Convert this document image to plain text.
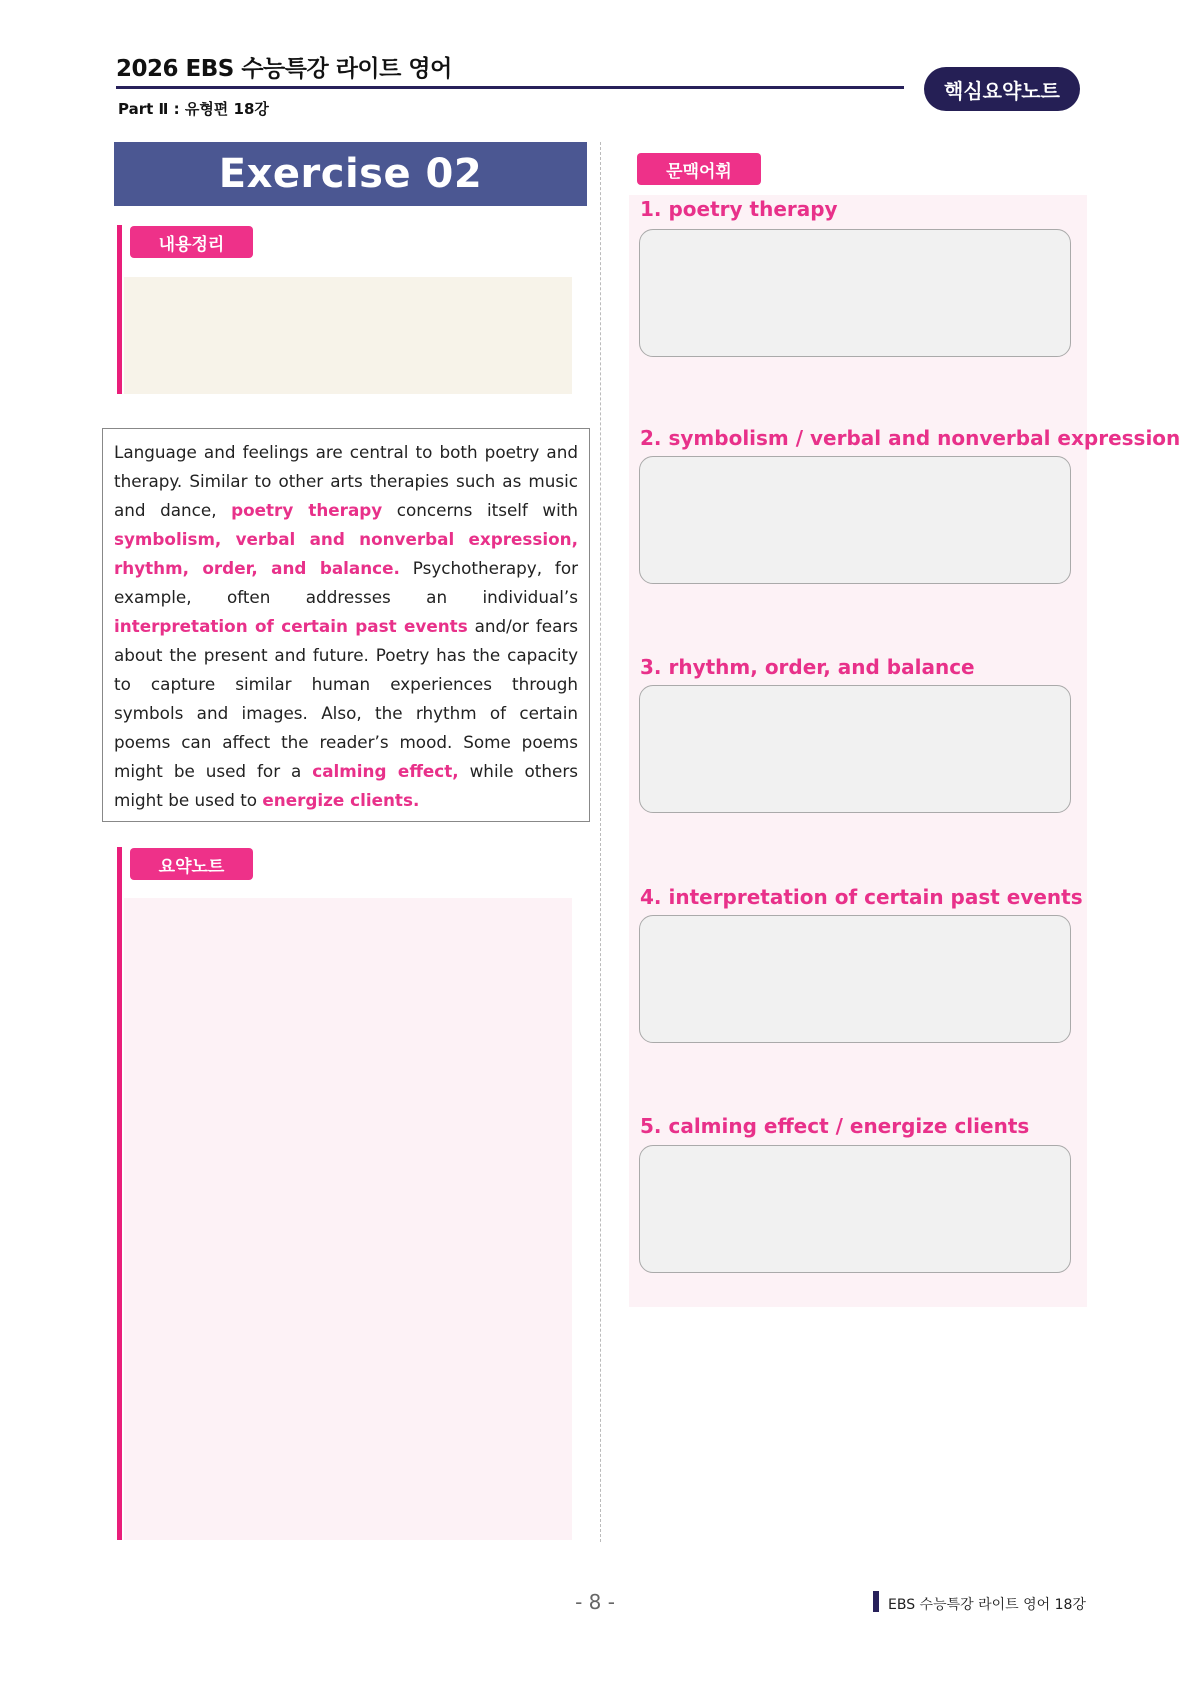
2026 EBS 수능특강 라이트 영어
Part Ⅱ : 유형편 18강
핵심요약노트
Exercise 02
내용정리

Language and feelings are central to both poetry and therapy. Similar to other arts therapies such as music and dance, poetry therapy concerns itself with symbolism, verbal and nonverbal expression, rhythm, order, and balance. Psychotherapy, for example, often addresses an individual’s interpretation of certain past events and/or fears about the present and future. Poetry has the capacity to capture similar human experiences through symbols and images. Also, the rhythm of certain poems can affect the reader’s mood. Some poems might be used for a calming effect, while others might be used to energize clients.

요약노트
문맥어휘
1. poetry therapy
2. symbolism / verbal and nonverbal expression
3. rhythm, order, and balance
4. interpretation of certain past events
5. calming effect / energize clients
- 8 -	EBS 수능특강 라이트 영어 18강
